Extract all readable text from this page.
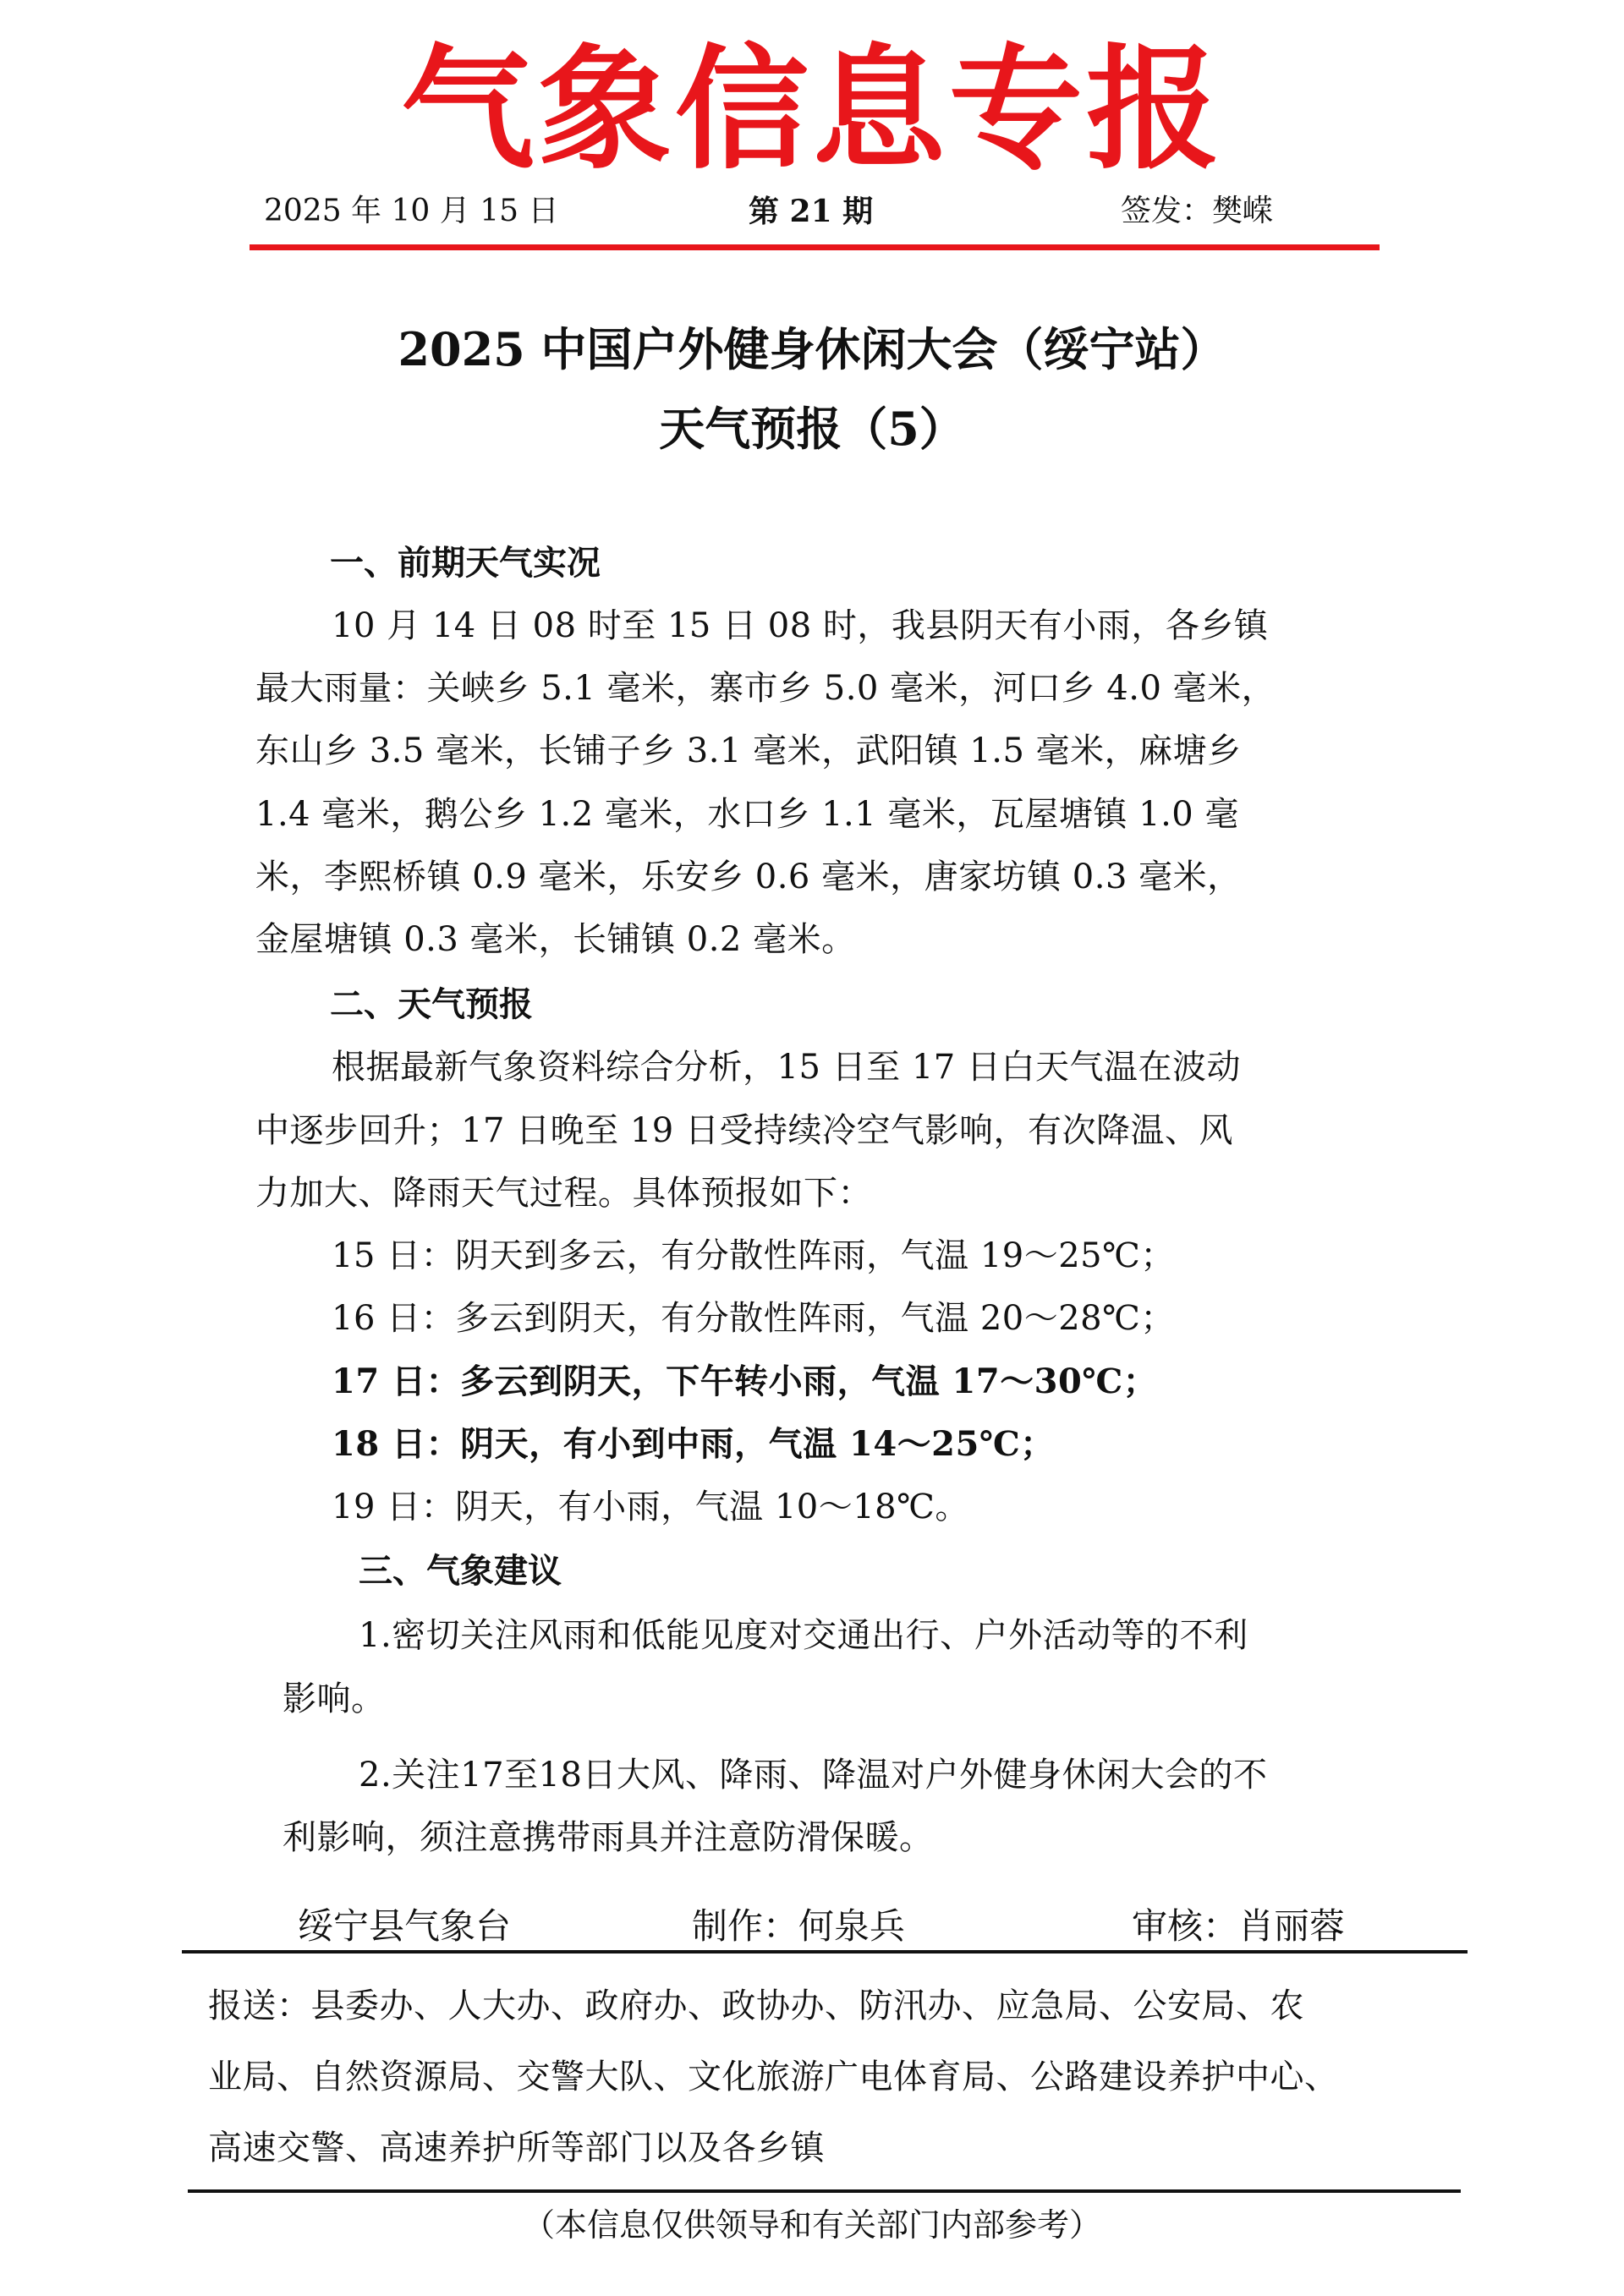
气象信息专报
2025 年 10 月 15 日	第 21 期	签发：樊嵘
2025 中国户外健身休闲大会（绥宁站）
天气预报（5）
一、前期天气实况
10 月 14 日 08 时至 15 日 08 时，我县阴天有小雨，各乡镇
最大雨量：关峡乡 5.1 毫米，寨市乡 5.0 毫米，河口乡 4.0 毫米，
东山乡 3.5 毫米，长铺子乡 3.1 毫米，武阳镇 1.5 毫米，麻塘乡
1.4 毫米，鹅公乡 1.2 毫米，水口乡 1.1 毫米，瓦屋塘镇 1.0 毫
米，李熙桥镇 0.9 毫米，乐安乡 0.6 毫米，唐家坊镇 0.3 毫米，
金屋塘镇 0.3 毫米，长铺镇 0.2 毫米。
二、天气预报
根据最新气象资料综合分析，15 日至 17 日白天气温在波动
中逐步回升；17 日晚至 19 日受持续冷空气影响，有次降温、风
力加大、降雨天气过程。具体预报如下：
15 日：阴天到多云，有分散性阵雨，气温 19～25℃；
16 日：多云到阴天，有分散性阵雨，气温 20～28℃；
17 日：多云到阴天，下午转小雨，气温 17～30℃；
18 日：阴天，有小到中雨，气温 14～25℃；
19 日：阴天，有小雨，气温 10～18℃。
三、气象建议
1.密切关注风雨和低能见度对交通出行、户外活动等的不利
影响。
2.关注17至18日大风、降雨、降温对户外健身休闲大会的不
利影响，须注意携带雨具并注意防滑保暖。
绥宁县气象台	制作：何泉兵	审核：肖丽蓉
报送：县委办、人大办、政府办、政协办、防汛办、应急局、公安局、农
业局、自然资源局、交警大队、文化旅游广电体育局、公路建设养护中心、
高速交警、高速养护所等部门以及各乡镇
（本信息仅供领导和有关部门内部参考）
